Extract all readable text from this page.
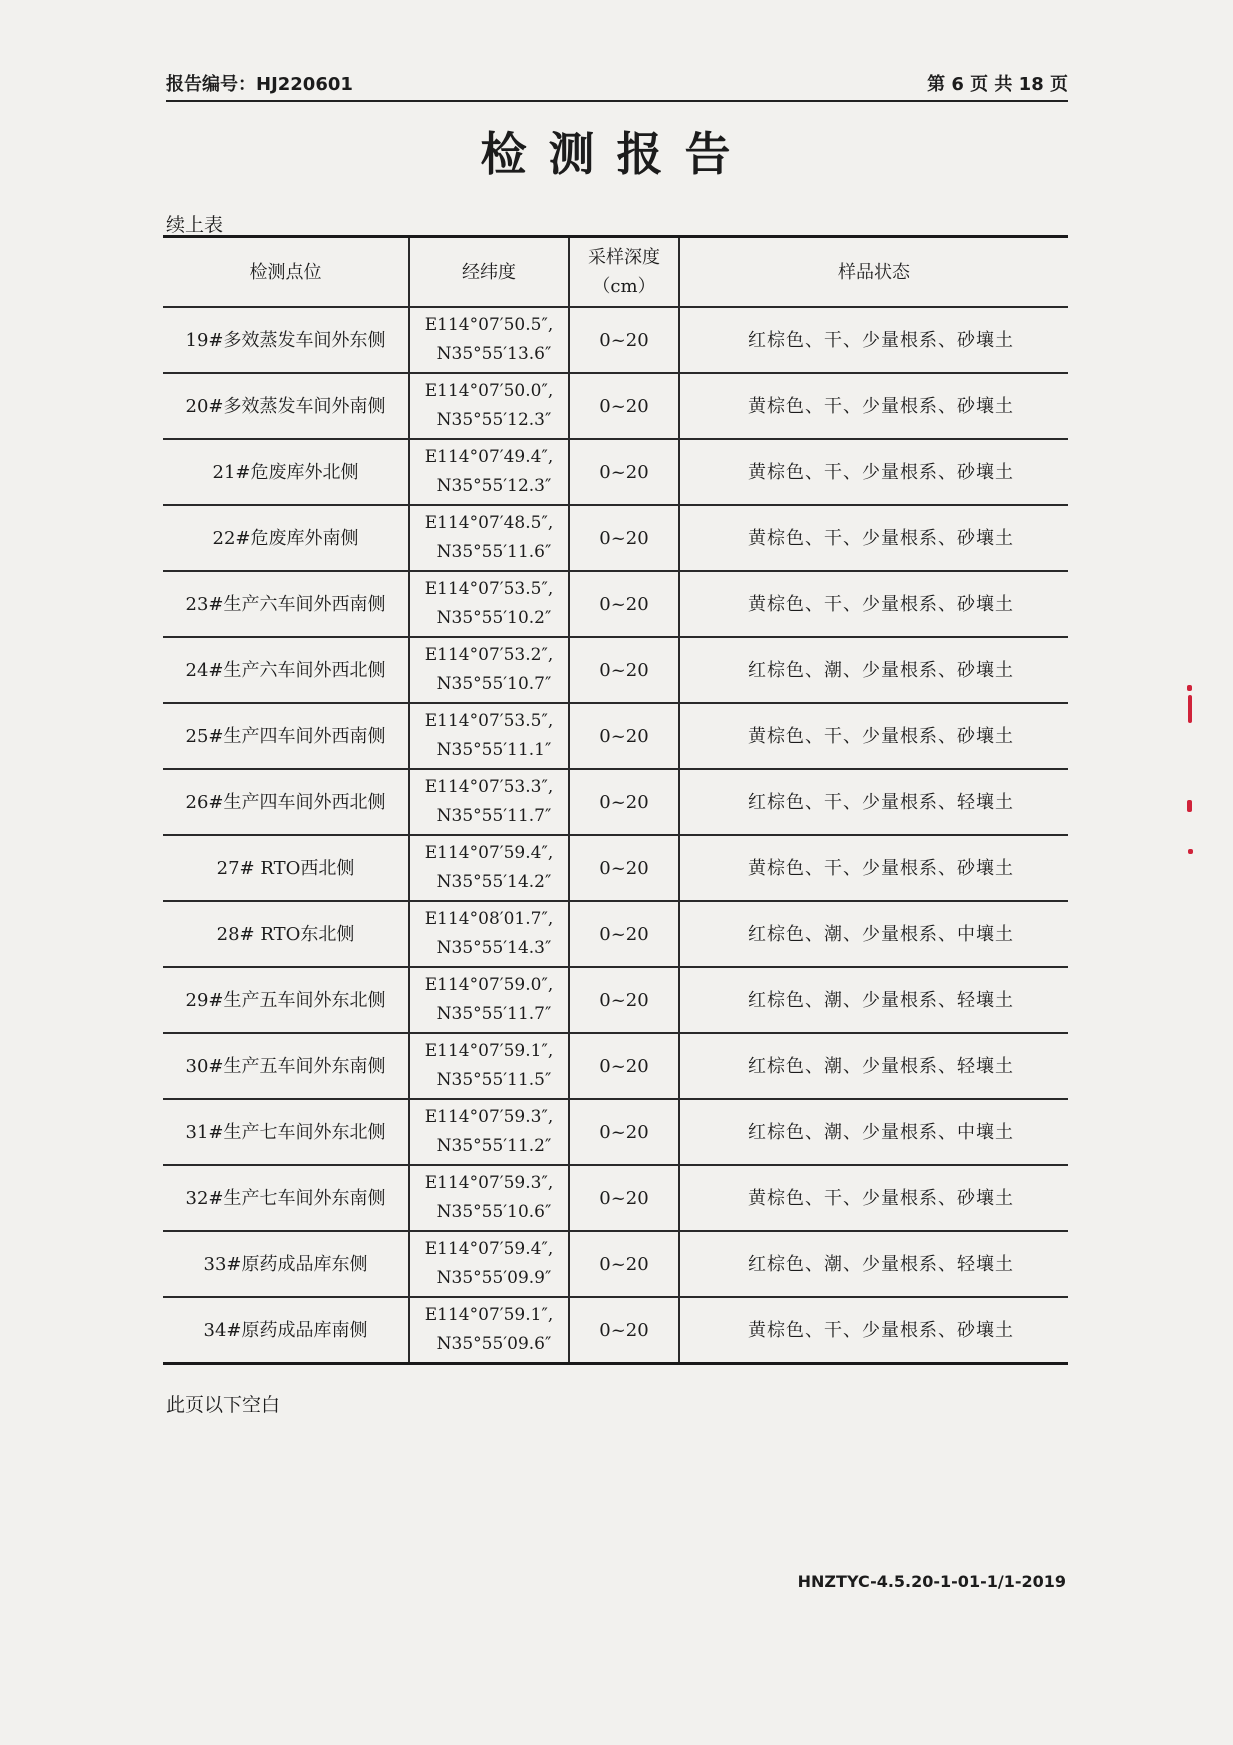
报告编号：HJ220601	第 6 页 共 18 页
检测报告
续上表
检测点位	经纬度	采样深度
（cm）	样品状态
19#多效蒸发车间外东侧	E114°07′50.5″,
N35°55′13.6″	0~20	红棕色、干、少量根系、砂壤土
20#多效蒸发车间外南侧	E114°07′50.0″,
N35°55′12.3″	0~20	黄棕色、干、少量根系、砂壤土
21#危废库外北侧	E114°07′49.4″,
N35°55′12.3″	0~20	黄棕色、干、少量根系、砂壤土
22#危废库外南侧	E114°07′48.5″,
N35°55′11.6″	0~20	黄棕色、干、少量根系、砂壤土
23#生产六车间外西南侧	E114°07′53.5″,
N35°55′10.2″	0~20	黄棕色、干、少量根系、砂壤土
24#生产六车间外西北侧	E114°07′53.2″,
N35°55′10.7″	0~20	红棕色、潮、少量根系、砂壤土
25#生产四车间外西南侧	E114°07′53.5″,
N35°55′11.1″	0~20	黄棕色、干、少量根系、砂壤土
26#生产四车间外西北侧	E114°07′53.3″,
N35°55′11.7″	0~20	红棕色、干、少量根系、轻壤土
27# RTO西北侧	E114°07′59.4″,
N35°55′14.2″	0~20	黄棕色、干、少量根系、砂壤土
28# RTO东北侧	E114°08′01.7″,
N35°55′14.3″	0~20	红棕色、潮、少量根系、中壤土
29#生产五车间外东北侧	E114°07′59.0″,
N35°55′11.7″	0~20	红棕色、潮、少量根系、轻壤土
30#生产五车间外东南侧	E114°07′59.1″,
N35°55′11.5″	0~20	红棕色、潮、少量根系、轻壤土
31#生产七车间外东北侧	E114°07′59.3″,
N35°55′11.2″	0~20	红棕色、潮、少量根系、中壤土
32#生产七车间外东南侧	E114°07′59.3″,
N35°55′10.6″	0~20	黄棕色、干、少量根系、砂壤土
33#原药成品库东侧	E114°07′59.4″,
N35°55′09.9″	0~20	红棕色、潮、少量根系、轻壤土
34#原药成品库南侧	E114°07′59.1″,
N35°55′09.6″	0~20	黄棕色、干、少量根系、砂壤土
此页以下空白
HNZTYC-4.5.20-1-01-1/1-2019
